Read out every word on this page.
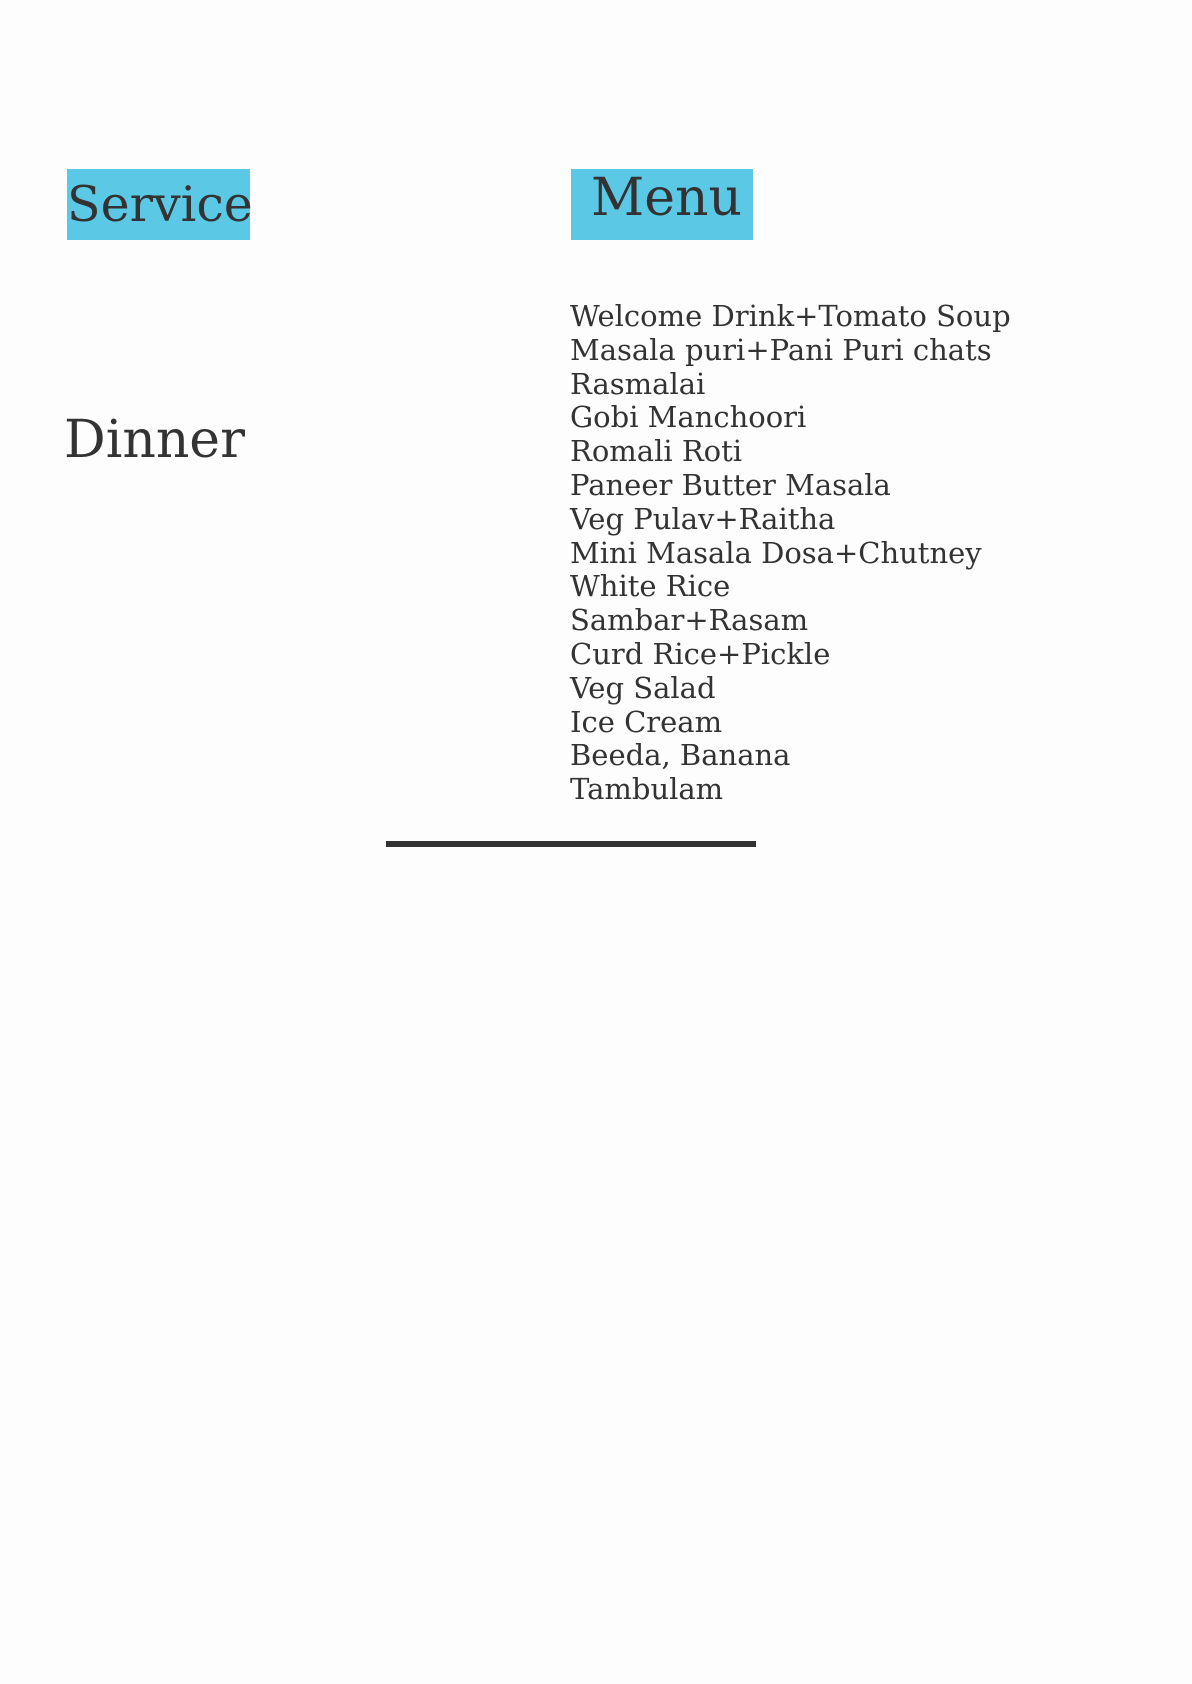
Service	Menu
Dinner
Welcome Drink+Tomato Soup
Masala puri+Pani Puri chats
Rasmalai
Gobi Manchoori
Romali Roti
Paneer Butter Masala
Veg Pulav+Raitha
Mini Masala Dosa+Chutney
White Rice
Sambar+Rasam
Curd Rice+Pickle
Veg Salad
Ice Cream
Beeda, Banana
Tambulam
